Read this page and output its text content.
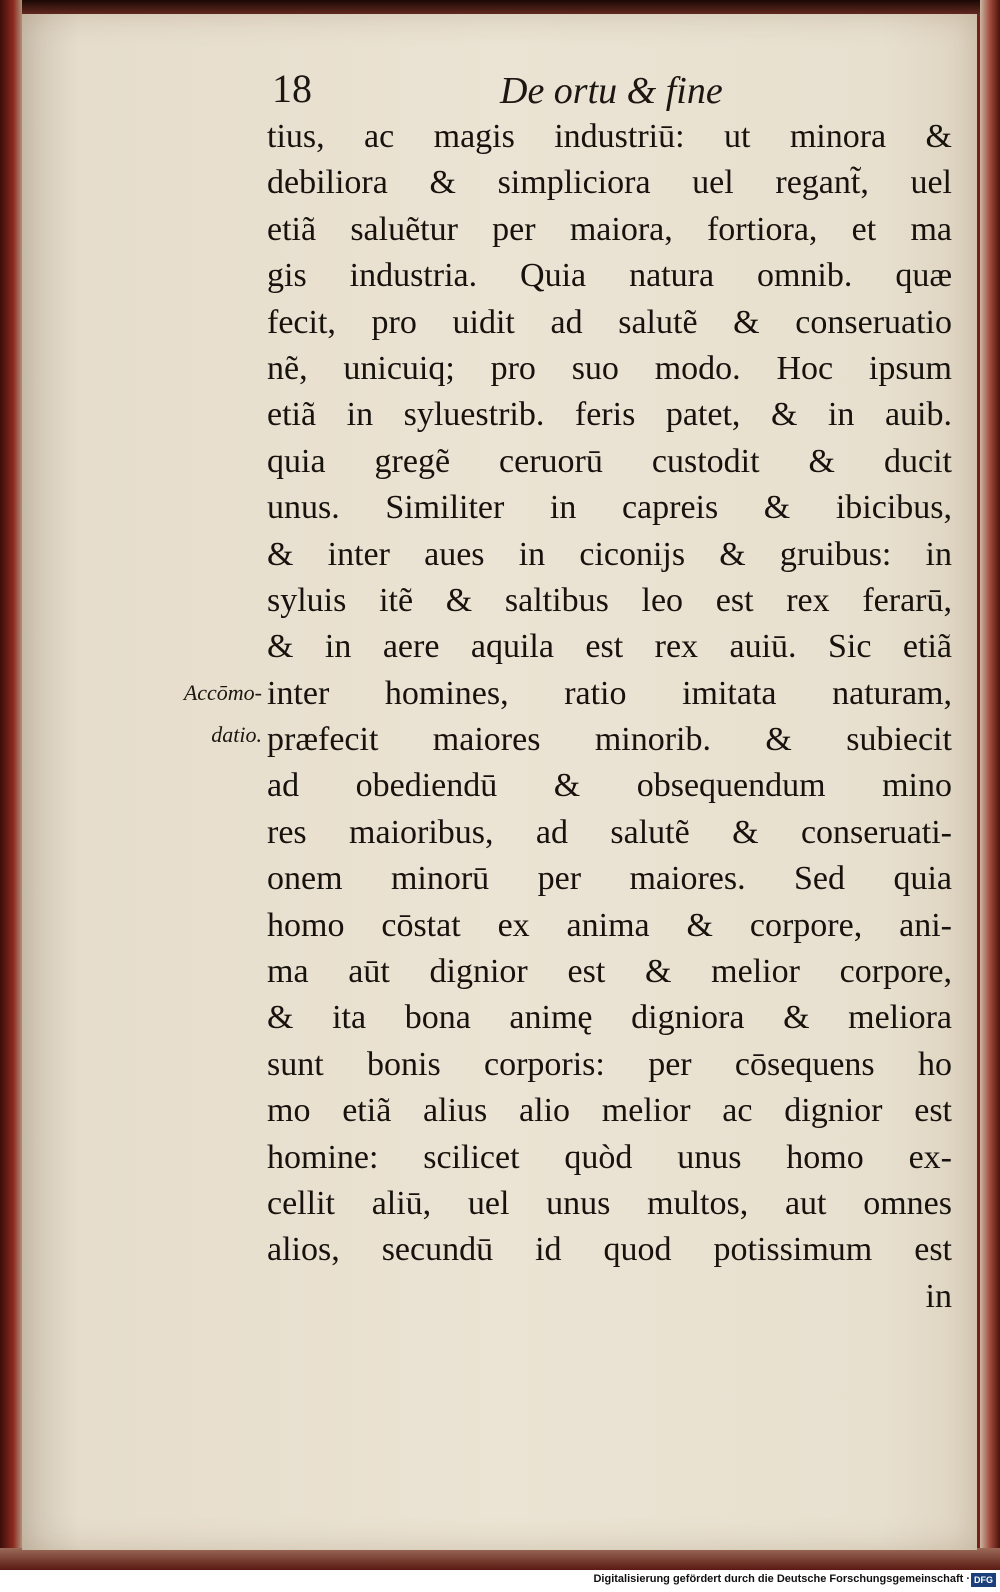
18	De ortu & fine
Accōmo-
datio.
tius, ac magis industriū: ut minora &
debiliora & simpliciora uel regant̃, uel
etiã saluẽtur per maiora, fortiora, et ma
gis industria. Quia natura omnib. quæ
fecit, pro uidit ad salutẽ & conseruatio
nẽ, unicuiq; pro suo modo. Hoc ipsum
etiã in syluestrib. feris patet, & in auib.
quia gregẽ ceruorū custodit & ducit
unus. Similiter in capreis & ibicibus,
& inter aues in ciconijs & gruibus: in
syluis itẽ & saltibus leo est rex ferarū,
& in aere aquila est rex auiū. Sic etiã
inter homines, ratio imitata naturam,
præfecit maiores minorib. & subiecit
ad obediendū & obsequendum mino
res maioribus, ad salutẽ & conseruati-
onem minorū per maiores. Sed quia
homo cōstat ex anima & corpore, ani-
ma aūt dignior est & melior corpore,
& ita bona animę digniora & meliora
sunt bonis corporis: per cōsequens ho
mo etiã alius alio melior ac dignior est
homine: scilicet quòd unus homo ex-
cellit aliū, uel unus multos, aut omnes
alios, secundū id quod potissimum est
in
Digitalisierung gefördert durch die Deutsche Forschungsgemeinschaft · DFG
